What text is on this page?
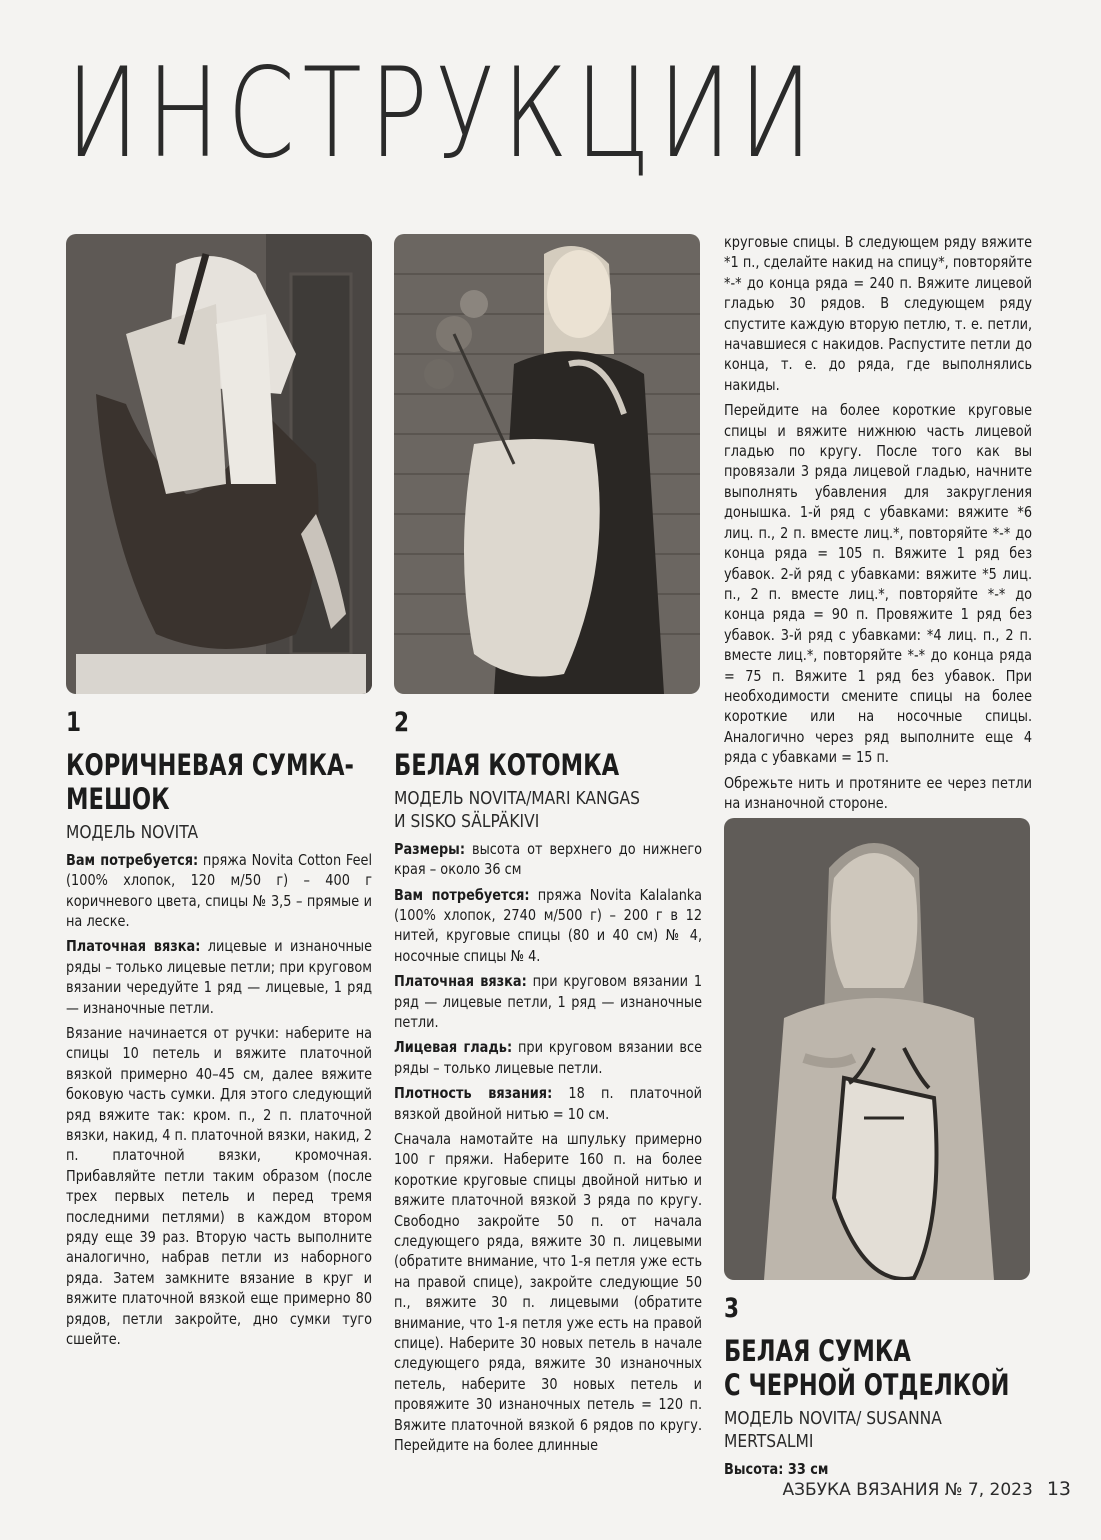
ИНСТРУКЦИИ
1
КОРИЧНЕВАЯ СУМКА-
МЕШОК
МОДЕЛЬ NOVITA
Вам потребуется: пряжа Novita Cotton Feel (100% хлопок, 120 м/50 г) – 400 г коричневого цвета, спицы № 3,5 – прямые и на леске.
Платочная вязка: лицевые и изнаночные ряды – только лицевые петли; при круговом вязании чередуйте 1 ряд — лицевые, 1 ряд — изнаночные петли.
Вязание начинается от ручки: наберите на спицы 10 петель и вяжите платочной вязкой примерно 40–45 см, далее вяжите боковую часть сумки. Для этого следующий ряд вяжите так: кром. п., 2 п. платочной вязки, накид, 4 п. платочной вязки, накид, 2 п. платочной вязки, кромочная. Прибавляйте петли таким образом (после трех первых петель и перед тремя последними петлями) в каждом втором ряду еще 39 раз. Вторую часть выполните аналогично, набрав петли из наборного ряда. Затем замкните вязание в круг и вяжите платочной вязкой еще примерно 80 рядов, петли закройте, дно сумки туго сшейте.
2
БЕЛАЯ КОТОМКА
МОДЕЛЬ NOVITA/MARI KANGAS
И SISKO SÄLPÄKIVI
Размеры: высота от верхнего до нижнего края – около 36 см
Вам потребуется: пряжа Novita Kalalanka (100% хлопок, 2740 м/500 г) – 200 г в 12 нитей, круговые спицы (80 и 40 см) № 4, носочные спицы № 4.
Платочная вязка: при круговом вязании 1 ряд — лицевые петли, 1 ряд — изнаночные петли.
Лицевая гладь: при круговом вязании все ряды – только лицевые петли.
Плотность вязания: 18 п. платочной вязкой двойной нитью = 10 см.
Сначала намотайте на шпульку примерно 100 г пряжи. Наберите 160 п. на более короткие круговые спицы двойной нитью и вяжите платочной вязкой 3 ряда по кругу. Свободно закройте 50 п. от начала следующего ряда, вяжите 30 п. лицевыми (обратите внимание, что 1-я петля уже есть на правой спице), закройте следующие 50 п., вяжите 30 п. лицевыми (обратите внимание, что 1-я петля уже есть на правой спице). Наберите 30 новых петель в начале следующего ряда, вяжите 30 изнаночных петель, наберите 30 новых петель и провяжите 30 изнаночных петель = 120 п. Вяжите платочной вязкой 6 рядов по кругу. Перейдите на более длинные
круговые спицы. В следующем ряду вяжите *1 п., сделайте накид на спицу*, повторяйте *-* до конца ряда = 240 п. Вяжите лицевой гладью 30 рядов. В следующем ряду спустите каждую вторую петлю, т. е. петли, начавшиеся с накидов. Распустите петли до конца, т. е. до ряда, где выполнялись накиды.
Перейдите на более короткие круговые спицы и вяжите нижнюю часть лицевой гладью по кругу. После того как вы провязали 3 ряда лицевой гладью, начните выполнять убавления для закругления донышка. 1-й ряд с убавками: вяжите *6 лиц. п., 2 п. вместе лиц.*, повторяйте *-* до конца ряда = 105 п. Вяжите 1 ряд без убавок. 2-й ряд с убавками: вяжите *5 лиц. п., 2 п. вместе лиц.*, повторяйте *-* до конца ряда = 90 п. Провяжите 1 ряд без убавок. 3-й ряд с убавками: *4 лиц. п., 2 п. вместе лиц.*, повторяйте *-* до конца ряда = 75 п. Вяжите 1 ряд без убавок. При необходимости смените спицы на более короткие или на носочные спицы. Аналогично через ряд выполните еще 4 ряда с убавками = 15 п.
Обрежьте нить и протяните ее через петли на изнаночной стороне.
3
БЕЛАЯ СУМКА
С ЧЕРНОЙ ОТДЕЛКОЙ
МОДЕЛЬ NOVITA/ SUSANNA MERTSALMI
Высота: 33 см
АЗБУКА ВЯЗАНИЯ № 7, 2023 13
